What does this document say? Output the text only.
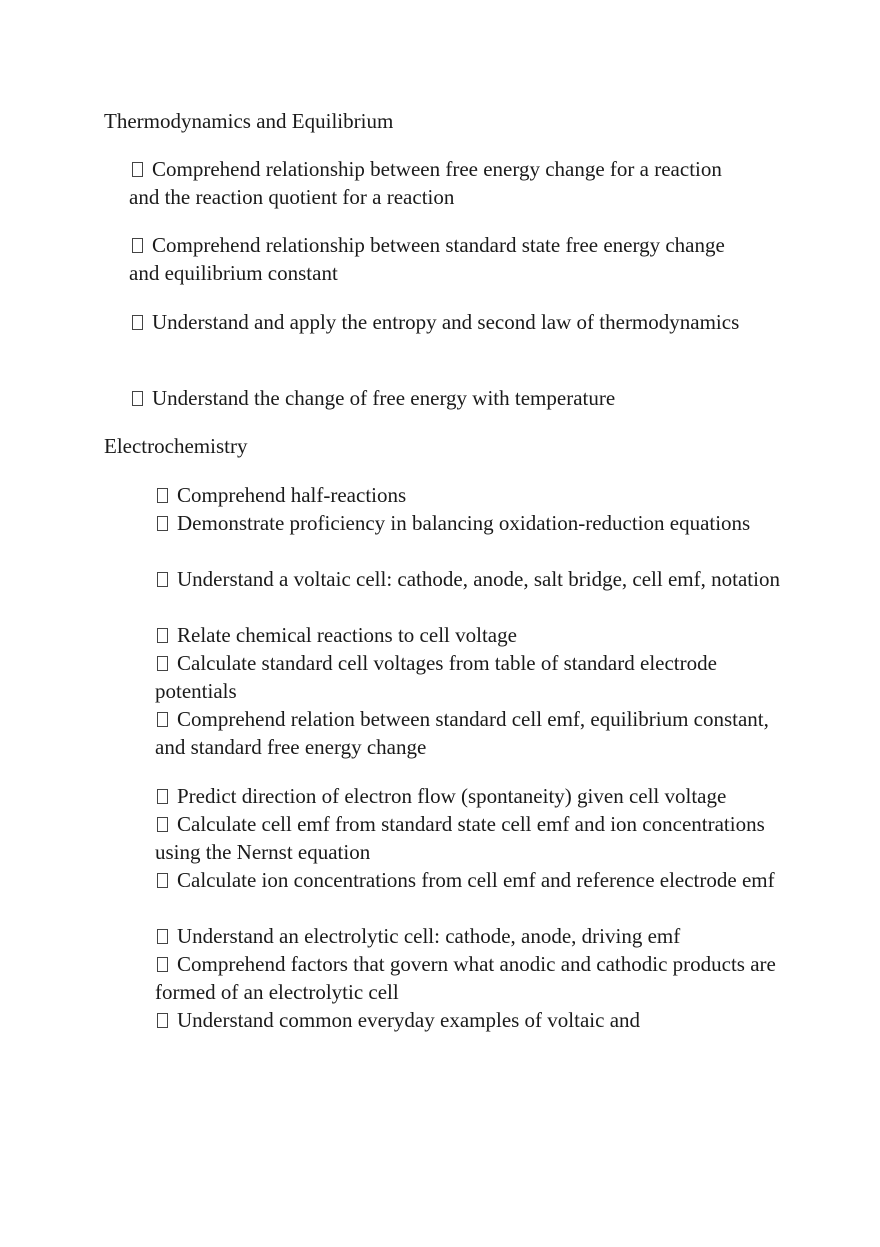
Thermodynamics and Equilibrium
Comprehend relationship between free energy change for a reaction and the reaction quotient for a reaction
Comprehend relationship between standard state free energy change and equilibrium constant
Understand and apply the entropy and second law of thermodynamics
Understand the change of free energy with temperature
Electrochemistry
Comprehend half-reactions
Demonstrate proficiency in balancing oxidation-reduction equations
Understand a voltaic cell: cathode, anode, salt bridge, cell emf, notation
Relate chemical reactions to cell voltage
Calculate standard cell voltages from table of standard electrode potentials
Comprehend relation between standard cell emf, equilibrium constant, and standard free energy change
Predict direction of electron flow (spontaneity) given cell voltage
Calculate cell emf from standard state cell emf and ion concentrations using the Nernst equation
Calculate ion concentrations from cell emf and reference electrode emf
Understand an electrolytic cell: cathode, anode, driving emf
Comprehend factors that govern what anodic and cathodic products are formed of an electrolytic cell
Understand common everyday examples of voltaic and
